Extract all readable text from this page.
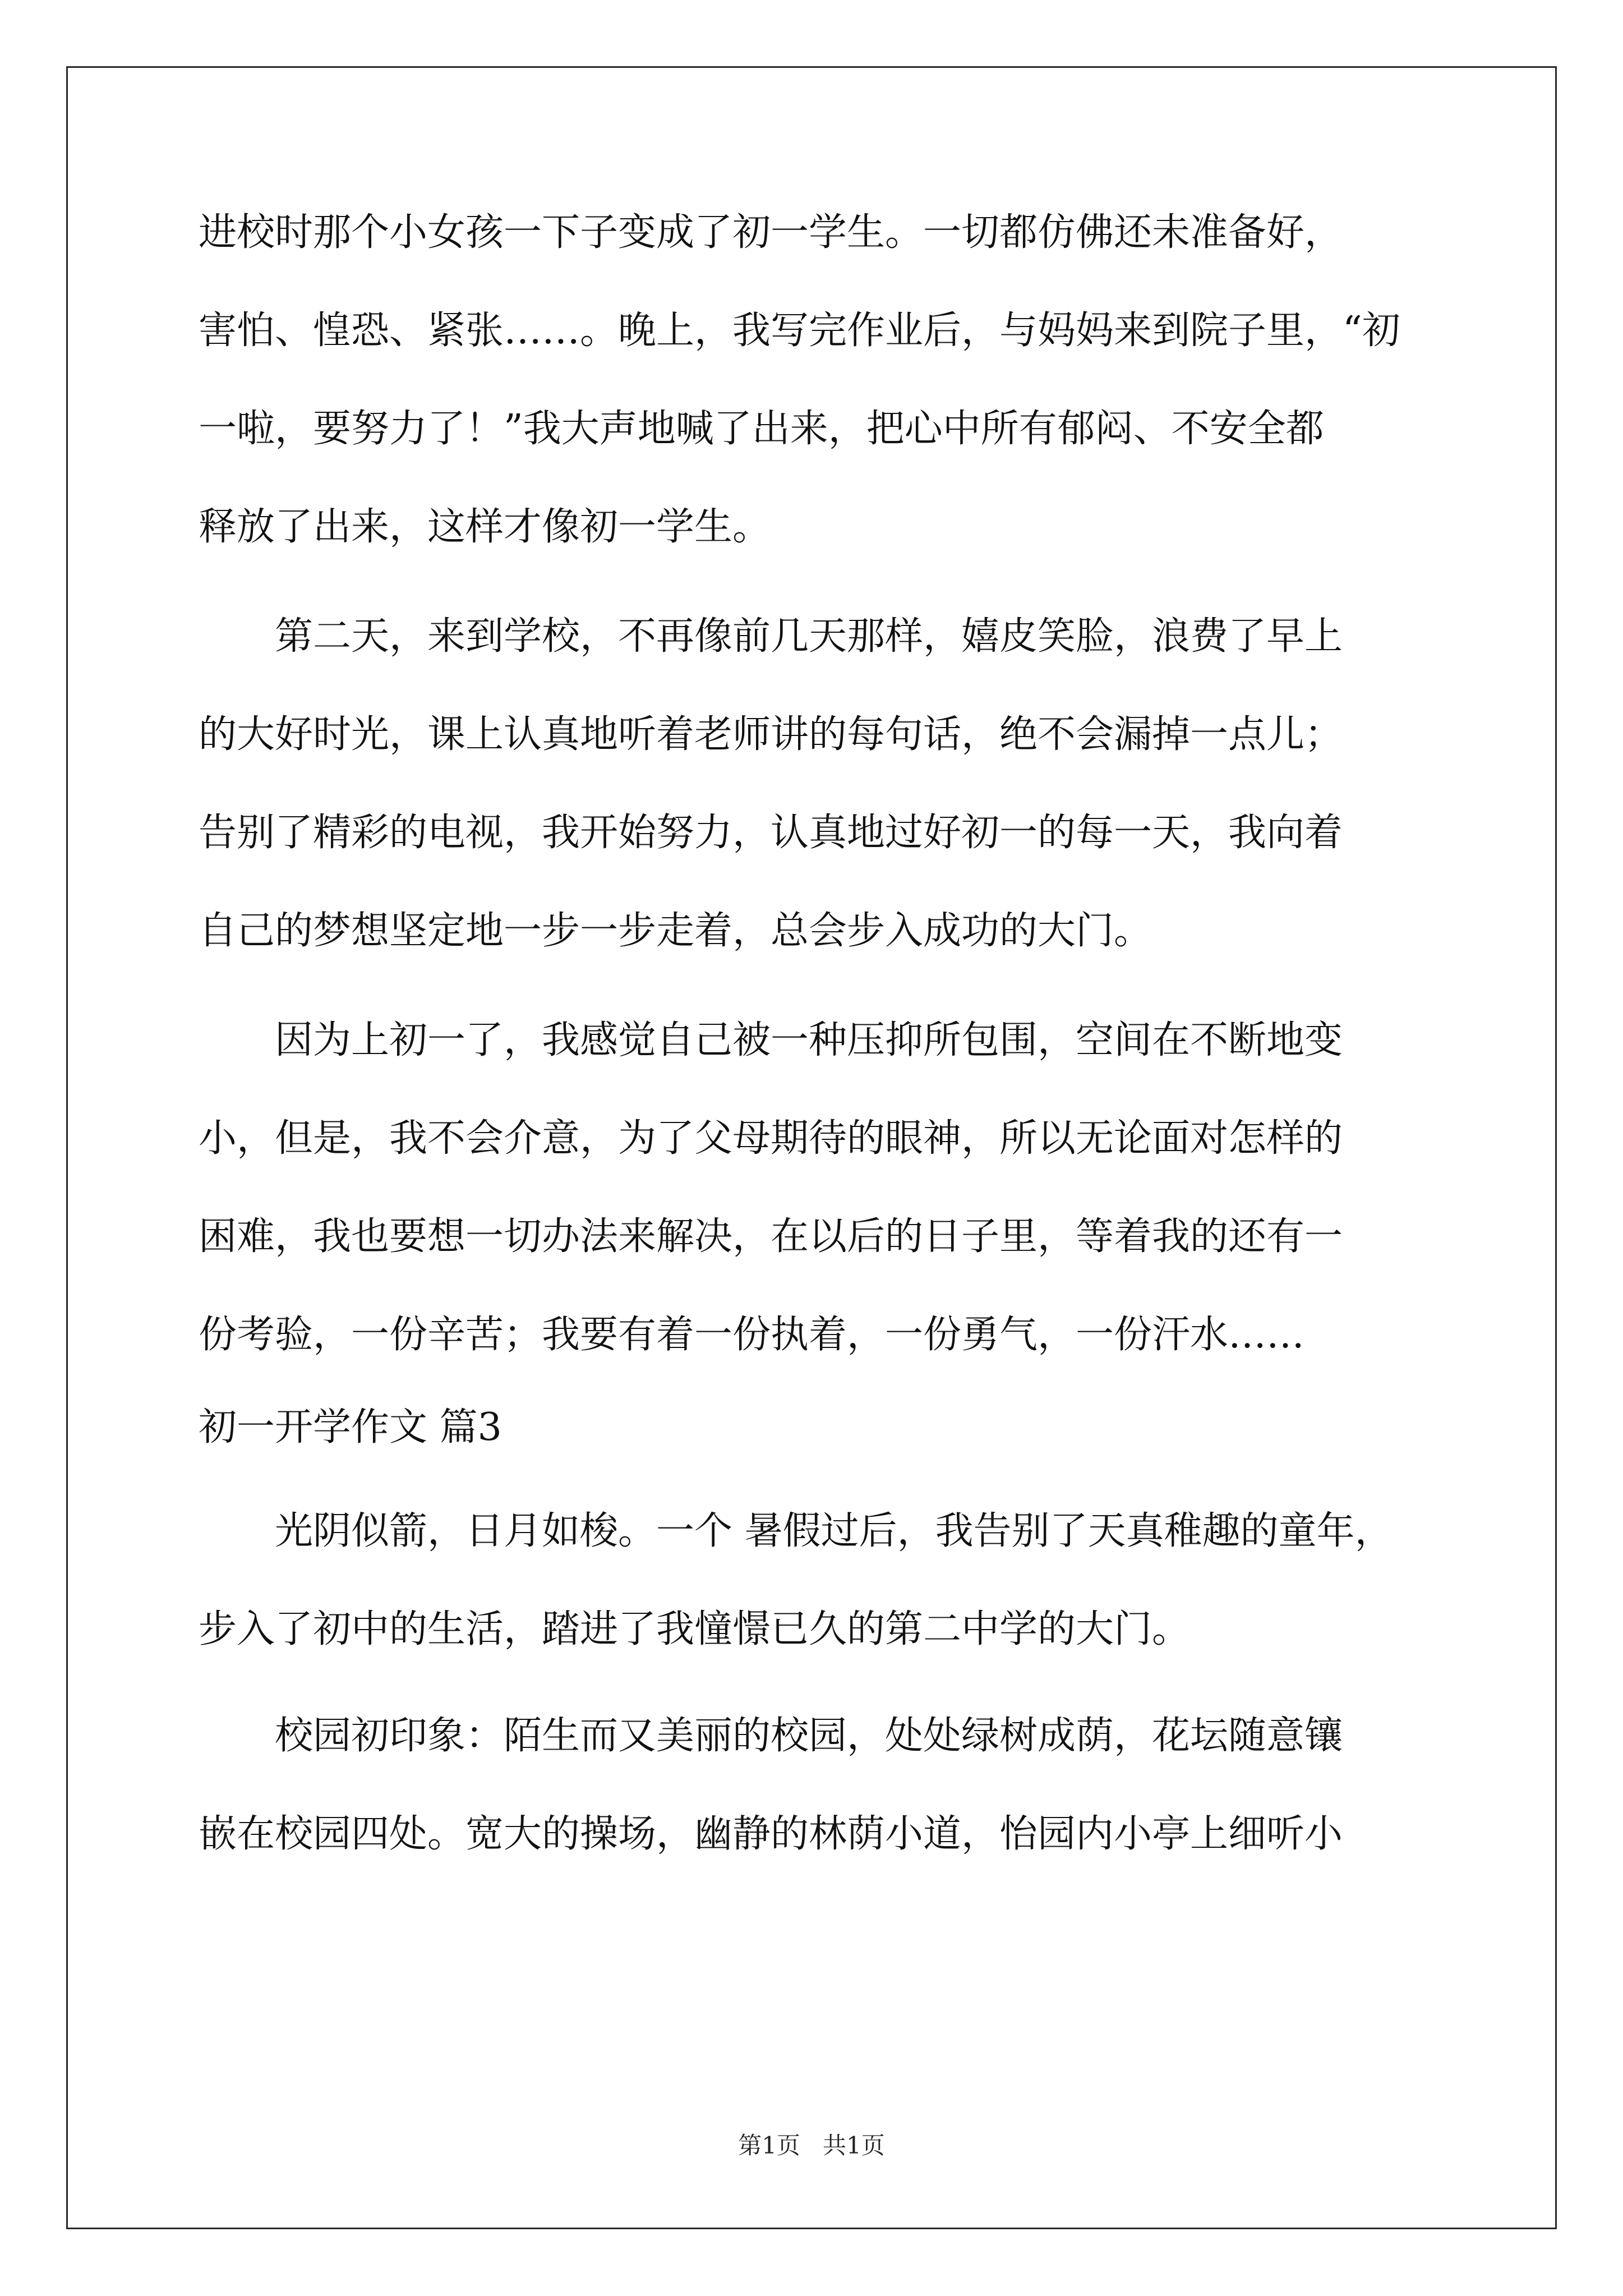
进校时那个小女孩一下子变成了初一学生。一切都仿佛还未准备好，
害怕、惶恐、紧张……。晚上，我写完作业后，与妈妈来到院子里，“初
一啦，要努力了！”我大声地喊了出来，把心中所有郁闷、不安全都
释放了出来，这样才像初一学生。
　　第二天，来到学校，不再像前几天那样，嬉皮笑脸，浪费了早上
的大好时光，课上认真地听着老师讲的每句话，绝不会漏掉一点儿；
告别了精彩的电视，我开始努力，认真地过好初一的每一天，我向着
自己的梦想坚定地一步一步走着，总会步入成功的大门。
　　因为上初一了，我感觉自己被一种压抑所包围，空间在不断地变
小，但是，我不会介意，为了父母期待的眼神，所以无论面对怎样的
困难，我也要想一切办法来解决，在以后的日子里，等着我的还有一
份考验，一份辛苦；我要有着一份执着，一份勇气，一份汗水……
初一开学作文 篇3
　　光阴似箭，日月如梭。一个 暑假过后，我告别了天真稚趣的童年，
步入了初中的生活，踏进了我憧憬已久的第二中学的大门。
　　校园初印象：陌生而又美丽的校园，处处绿树成荫，花坛随意镶
嵌在校园四处。宽大的操场，幽静的林荫小道，怡园内小亭上细听小
第1页   共1页
